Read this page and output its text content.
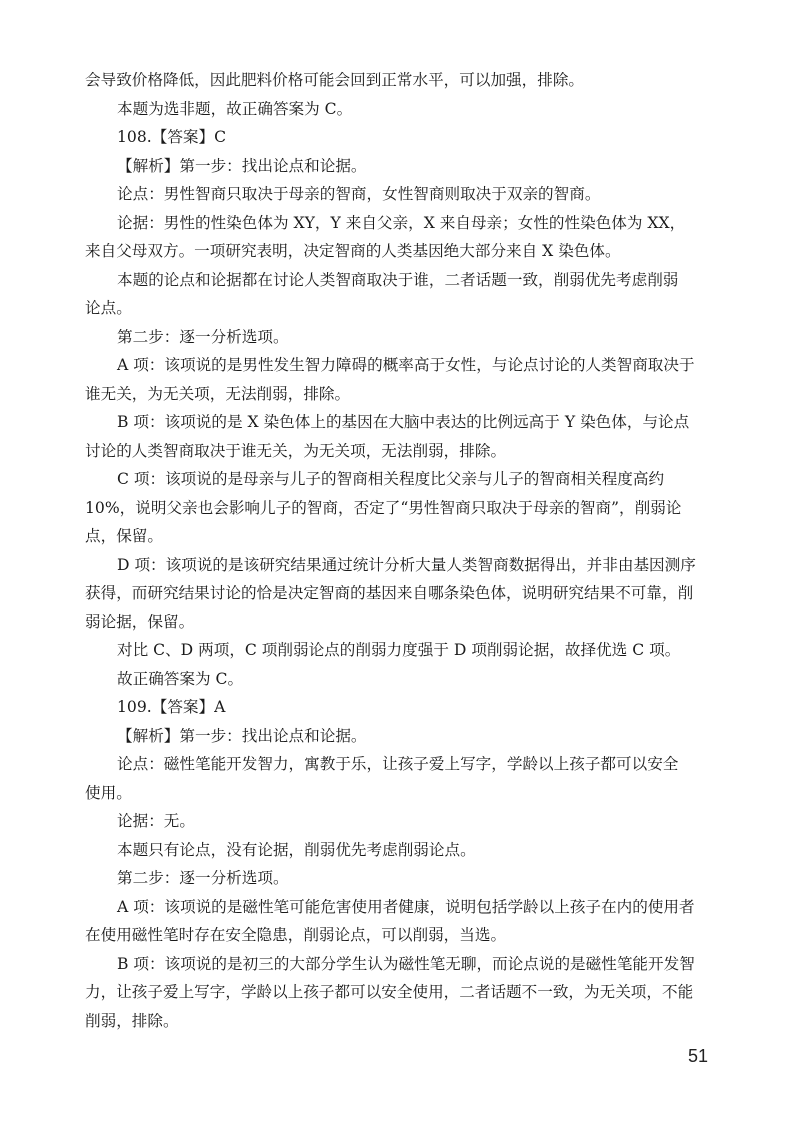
会导致价格降低，因此肥料价格可能会回到正常水平，可以加强，排除。

本题为选非题，故正确答案为 C。

108.【答案】C

【解析】第一步：找出论点和论据。

论点：男性智商只取决于母亲的智商，女性智商则取决于双亲的智商。

论据：男性的性染色体为 XY，Y 来自父亲，X 来自母亲；女性的性染色体为 XX，

来自父母双方。一项研究表明，决定智商的人类基因绝大部分来自 X 染色体。

本题的论点和论据都在讨论人类智商取决于谁，二者话题一致，削弱优先考虑削弱

论点。

第二步：逐一分析选项。

A 项：该项说的是男性发生智力障碍的概率高于女性，与论点讨论的人类智商取决于

谁无关，为无关项，无法削弱，排除。

B 项：该项说的是 X 染色体上的基因在大脑中表达的比例远高于 Y 染色体，与论点

讨论的人类智商取决于谁无关，为无关项，无法削弱，排除。

C 项：该项说的是母亲与儿子的智商相关程度比父亲与儿子的智商相关程度高约

10%，说明父亲也会影响儿子的智商，否定了“男性智商只取决于母亲的智商”，削弱论

点，保留。

D 项：该项说的是该研究结果通过统计分析大量人类智商数据得出，并非由基因测序

获得，而研究结果讨论的恰是决定智商的基因来自哪条染色体，说明研究结果不可靠，削

弱论据，保留。

对比 C、D 两项，C 项削弱论点的削弱力度强于 D 项削弱论据，故择优选 C 项。

故正确答案为 C。

109.【答案】A

【解析】第一步：找出论点和论据。

论点：磁性笔能开发智力，寓教于乐，让孩子爱上写字，学龄以上孩子都可以安全

使用。

论据：无。

本题只有论点，没有论据，削弱优先考虑削弱论点。

第二步：逐一分析选项。

A 项：该项说的是磁性笔可能危害使用者健康，说明包括学龄以上孩子在内的使用者

在使用磁性笔时存在安全隐患，削弱论点，可以削弱，当选。

B 项：该项说的是初三的大部分学生认为磁性笔无聊，而论点说的是磁性笔能开发智

力，让孩子爱上写字，学龄以上孩子都可以安全使用，二者话题不一致，为无关项，不能

削弱，排除。

51
